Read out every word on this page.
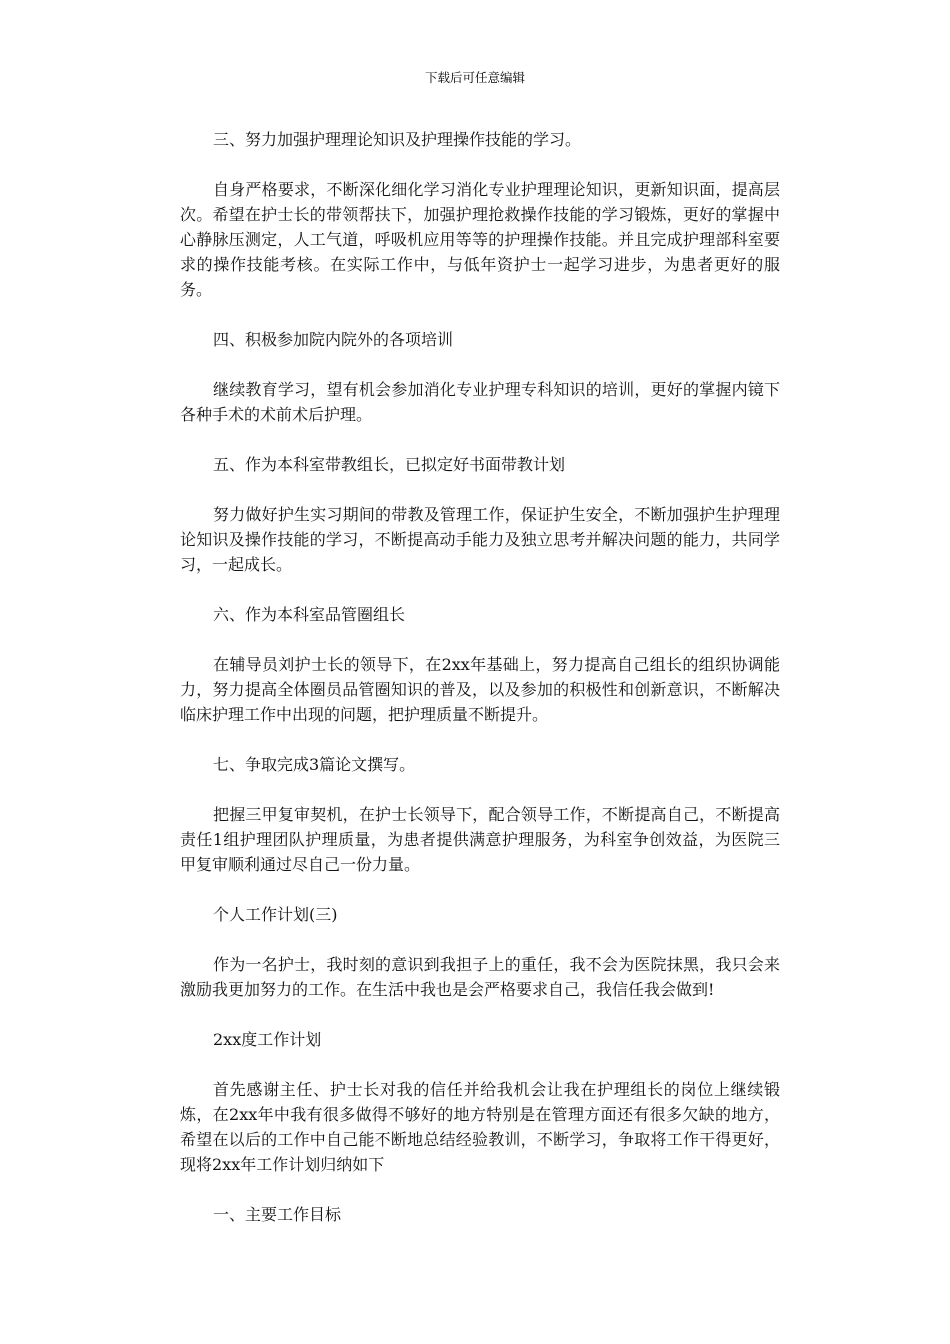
下载后可任意编辑

三、努力加强护理理论知识及护理操作技能的学习。

自身严格要求，不断深化细化学习消化专业护理理论知识，更新知识面，提高层次。希望在护士长的带领帮扶下，加强护理抢救操作技能的学习锻炼，更好的掌握中心静脉压测定，人工气道，呼吸机应用等等的护理操作技能。并且完成护理部科室要求的操作技能考核。在实际工作中，与低年资护士一起学习进步，为患者更好的服务。

四、积极参加院内院外的各项培训

继续教育学习，望有机会参加消化专业护理专科知识的培训，更好的掌握内镜下各种手术的术前术后护理。

五、作为本科室带教组长，已拟定好书面带教计划

努力做好护生实习期间的带教及管理工作，保证护生安全，不断加强护生护理理论知识及操作技能的学习，不断提高动手能力及独立思考并解决问题的能力，共同学习，一起成长。

六、作为本科室品管圈组长

在辅导员刘护士长的领导下，在2xx年基础上，努力提高自己组长的组织协调能力，努力提高全体圈员品管圈知识的普及，以及参加的积极性和创新意识，不断解决临床护理工作中出现的问题，把护理质量不断提升。

七、争取完成3篇论文撰写。

把握三甲复审契机，在护士长领导下，配合领导工作，不断提高自己，不断提高责任1组护理团队护理质量，为患者提供满意护理服务，为科室争创效益，为医院三甲复审顺利通过尽自己一份力量。

个人工作计划(三)

作为一名护士，我时刻的意识到我担子上的重任，我不会为医院抹黑，我只会来激励我更加努力的工作。在生活中我也是会严格要求自己，我信任我会做到!

2xx度工作计划

首先感谢主任、护士长对我的信任并给我机会让我在护理组长的岗位上继续锻炼，在2xx年中我有很多做得不够好的地方特别是在管理方面还有很多欠缺的地方，希望在以后的工作中自己能不断地总结经验教训，不断学习，争取将工作干得更好，现将2xx年工作计划归纳如下

一、主要工作目标
